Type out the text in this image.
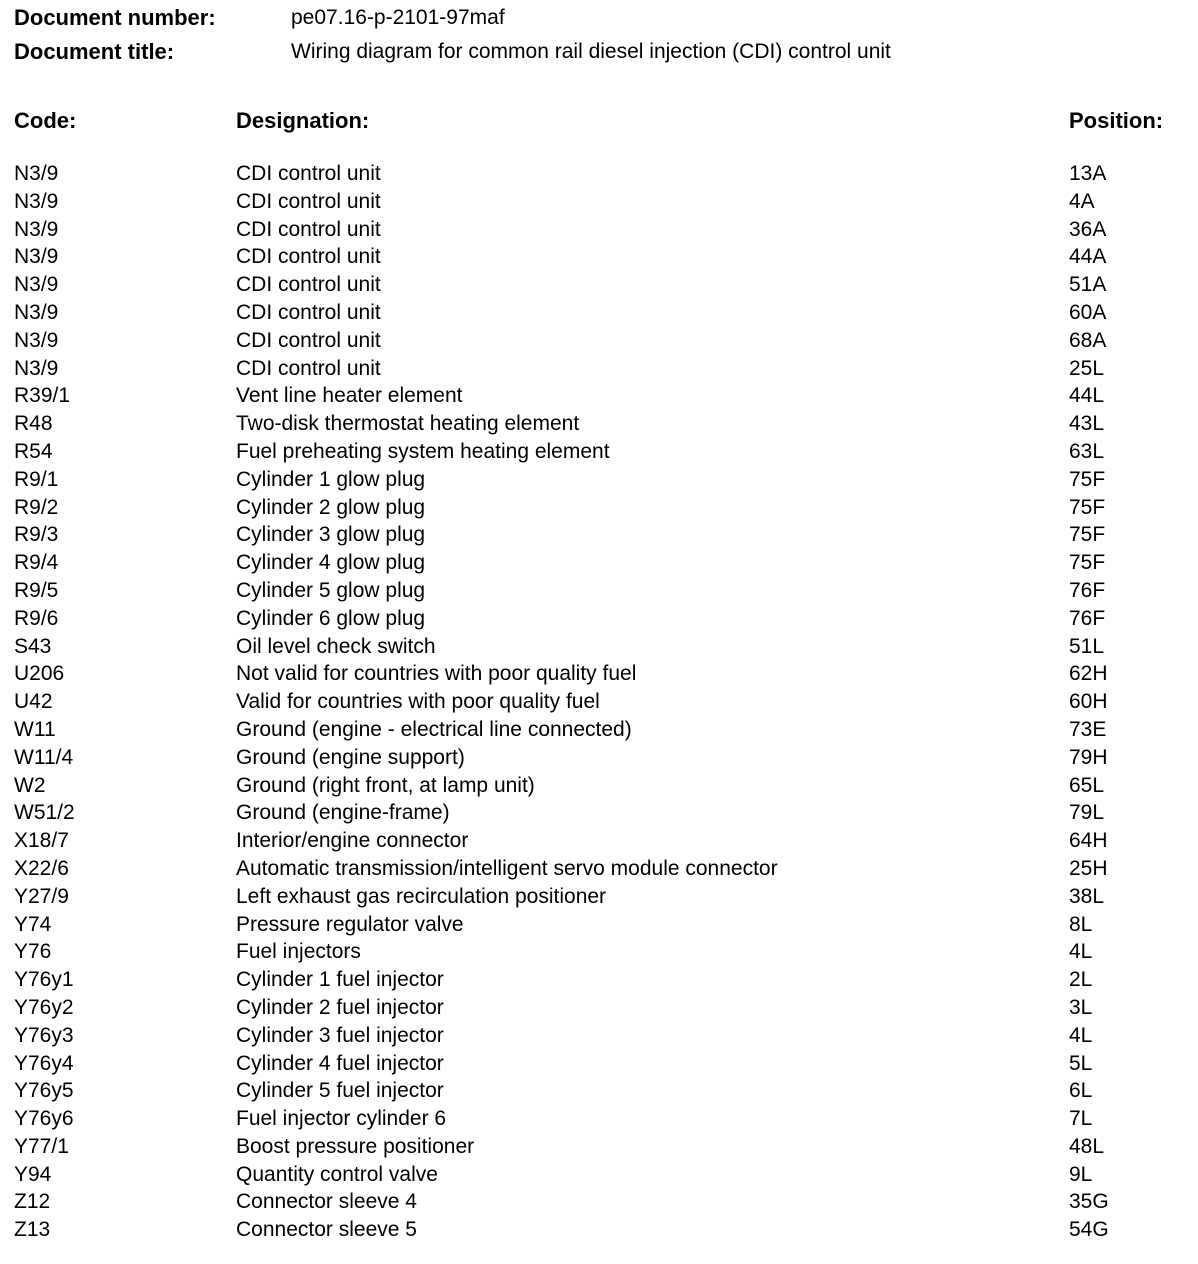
Document number:	pe07.16-p-2101-97maf
Document title:	Wiring diagram for common rail diesel injection (CDI) control unit
Code:	Designation:	Position:
N3/9	CDI control unit	13A
N3/9	CDI control unit	4A
N3/9	CDI control unit	36A
N3/9	CDI control unit	44A
N3/9	CDI control unit	51A
N3/9	CDI control unit	60A
N3/9	CDI control unit	68A
N3/9	CDI control unit	25L
R39/1	Vent line heater element	44L
R48	Two-disk thermostat heating element	43L
R54	Fuel preheating system heating element	63L
R9/1	Cylinder 1 glow plug	75F
R9/2	Cylinder 2 glow plug	75F
R9/3	Cylinder 3 glow plug	75F
R9/4	Cylinder 4 glow plug	75F
R9/5	Cylinder 5 glow plug	76F
R9/6	Cylinder 6 glow plug	76F
S43	Oil level check switch	51L
U206	Not valid for countries with poor quality fuel	62H
U42	Valid for countries with poor quality fuel	60H
W11	Ground (engine - electrical line connected)	73E
W11/4	Ground (engine support)	79H
W2	Ground (right front, at lamp unit)	65L
W51/2	Ground (engine-frame)	79L
X18/7	Interior/engine connector	64H
X22/6	Automatic transmission/intelligent servo module connector	25H
Y27/9	Left exhaust gas recirculation positioner	38L
Y74	Pressure regulator valve	8L
Y76	Fuel injectors	4L
Y76y1	Cylinder 1 fuel injector	2L
Y76y2	Cylinder 2 fuel injector	3L
Y76y3	Cylinder 3 fuel injector	4L
Y76y4	Cylinder 4 fuel injector	5L
Y76y5	Cylinder 5 fuel injector	6L
Y76y6	Fuel injector cylinder 6	7L
Y77/1	Boost pressure positioner	48L
Y94	Quantity control valve	9L
Z12	Connector sleeve 4	35G
Z13	Connector sleeve 5	54G
